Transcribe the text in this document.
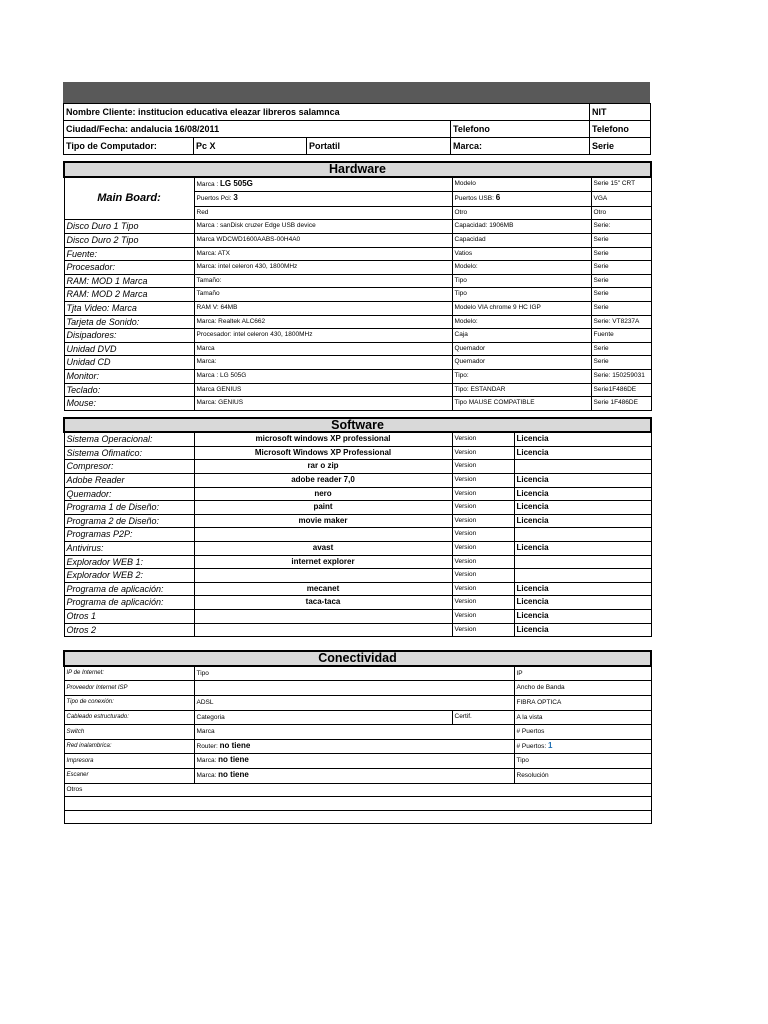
Nombre Cliente: institucion educativa eleazar libreros salamnca				NIT
Ciudad/Fecha: andalucia 16/08/2011			Telefono	Telefono
Tipo de Computador:	Pc X	Portatil	Marca:	Serie
Hardware			
Main Board:	Marca : LG 505G	Modelo	Serie 15" CRT
	Puertos Pci: 3	Puertos USB: 6	VGA
	Red	Otro	Otro
Disco Duro 1 Tipo	Marca : sanDisk cruzer Edge USB device	Capacidad: 1906MB	Serie:
Disco Duro 2 Tipo	Marca WDCWD1600AABS-00H4A0	Capacidad	Serie
Fuente:	Marca: ATX	Vatios	Serie
Procesador:	Marca: intel celeron 430, 1800MHz	Modelo:	Serie
RAM: MOD 1 Marca	Tamaño:	Tipo	Serie
RAM: MOD 2 Marca	Tamaño	Tipo	Serie
Tjta Video: Marca	RAM V: 64MB	Modelo VIA chrome 9 HC IGP	Serie
Tarjeta de Sonido:	Marca: Realtek ALC662	Modelo:	Serie: VT8237A
Disipadores:	Procesador: intel celeron 430, 1800MHz	Caja	Fuente
Unidad DVD	Marca	Quemador	Serie
Unidad CD	Marca:	Quemador	Serie
Monitor:	Marca : LG 505G	Tipo:	Serie: 150259031
Teclado:	Marca GENIUS	Tipo: ESTANDAR	Serie1F486DE
Mouse:	Marca: GENIUS	Tipo MAUSE COMPATIBLE	Serie 1F486DE
Software			
Sistema Operacional:	microsoft windows XP professional	Version	Licencia
Sistema Ofimatico:	Microsoft Windows XP Professional	Version	Licencia
Compresor:	rar o zip	Version	
Adobe Reader	adobe reader 7,0	Version	Licencia
Quemador:	nero	Version	Licencia
Programa 1 de Diseño:	paint	Version	Licencia
Programa 2 de Diseño:	movie maker	Version	Licencia
Programas P2P:		Version	
Antivirus:	avast	Version	Licencia
Explorador WEB 1:	internet explorer	Version	
Explorador WEB 2:		Version	
Programa de aplicación:	mecanet	Version	Licencia
Programa de aplicación:	taca-taca	Version	Licencia
Otros 1		Version	Licencia
Otros 2		Version	Licencia
Conectividad			
IP de Internet:	Tipo		IP
Proveedor Internet ISP			Ancho de Banda
Tipo de conexión:	ADSL		FIBRA OPTICA
Cableado estructurado:	Categoria	Certif.	A la vista
Switch	Marca		# Puertos
Red inalambrica:	Router: no tiene		# Puertos: 1
Impresora	Marca: no tiene		Tipo
Escaner	Marca: no tiene		Resolución
Otros			
